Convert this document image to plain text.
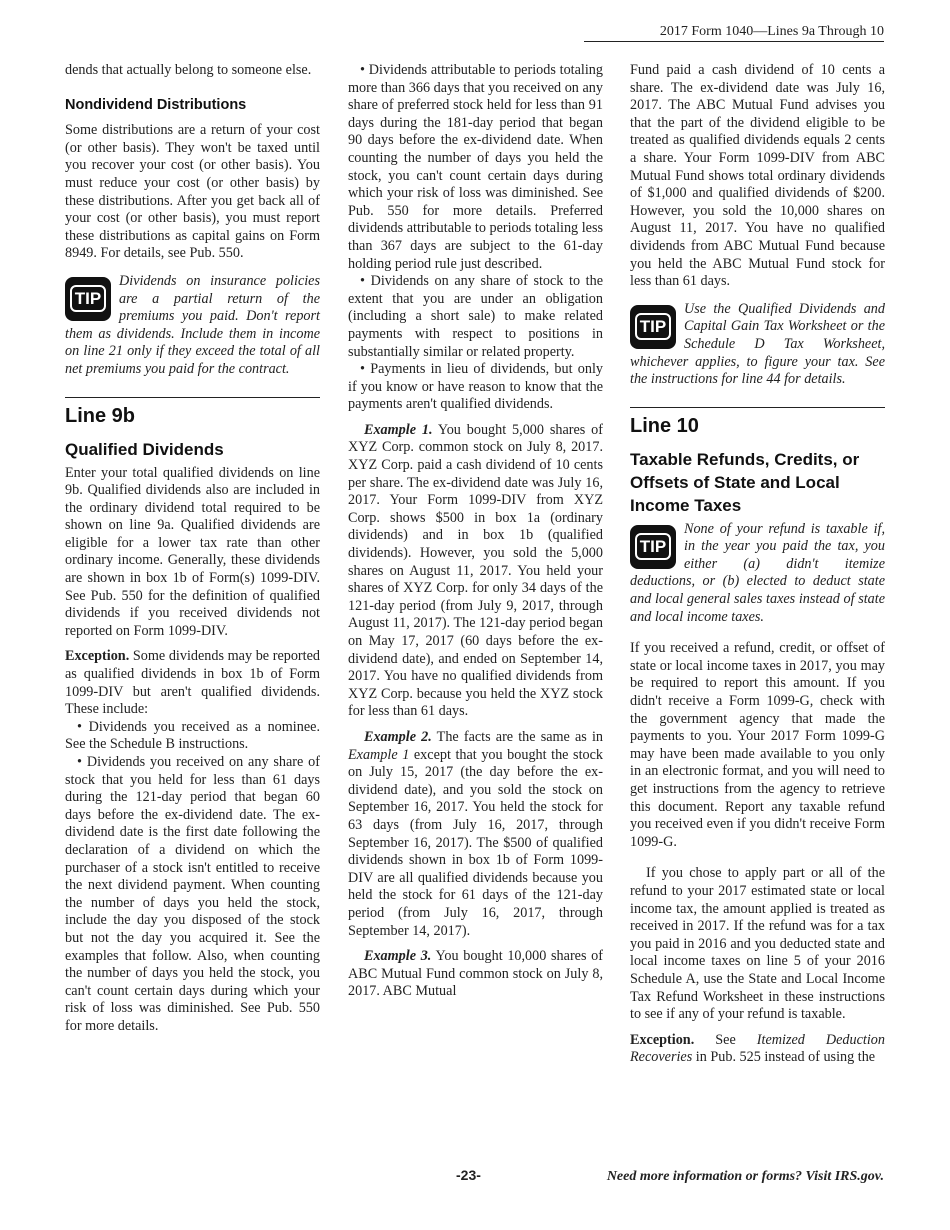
2017 Form 1040—Lines 9a Through 10

dends that actually belong to someone else.

Nondividend Distributions

Some distributions are a return of your cost (or other basis). They won't be taxed until you recover your cost (or other basis). You must reduce your cost (or other basis) by these distributions. After you get back all of your cost (or other basis), you must report these distributions as capital gains on Form 8949. For details, see Pub. 550.

TIP
Dividends on insurance policies are a partial return of the premiums you paid. Don't report them as dividends. Include them in income on line 21 only if they exceed the total of all net premiums you paid for the contract.
Line 9b
Qualified Dividends

Enter your total qualified dividends on line 9b. Qualified dividends also are included in the ordinary dividend total required to be shown on line 9a. Qualified dividends are eligible for a lower tax rate than other ordinary income. Generally, these dividends are shown in box 1b of Form(s) 1099-DIV. See Pub. 550 for the definition of qualified dividends if you received dividends not reported on Form 1099-DIV.

Exception. Some dividends may be reported as qualified dividends in box 1b of Form 1099-DIV but aren't qualified dividends. These include:

• Dividends you received as a nominee. See the Schedule B instructions.

• Dividends you received on any share of stock that you held for less than 61 days during the 121-day period that began 60 days before the ex-dividend date. The ex-dividend date is the first date following the declaration of a dividend on which the purchaser of a stock isn't entitled to receive the next dividend payment. When counting the number of days you held the stock, include the day you disposed of the stock but not the day you acquired it. See the examples that follow. Also, when counting the number of days you held the stock, you can't count certain days during which your risk of loss was diminished. See Pub. 550 for more details.

• Dividends attributable to periods totaling more than 366 days that you received on any share of preferred stock held for less than 91 days during the 181-day period that began 90 days before the ex-dividend date. When counting the number of days you held the stock, you can't count certain days during which your risk of loss was diminished. See Pub. 550 for more details. Preferred dividends attributable to periods totaling less than 367 days are subject to the 61-day holding period rule just described.

• Dividends on any share of stock to the extent that you are under an obligation (including a short sale) to make related payments with respect to positions in substantially similar or related property.

• Payments in lieu of dividends, but only if you know or have reason to know that the payments aren't qualified dividends.

Example 1. You bought 5,000 shares of XYZ Corp. common stock on July 8, 2017. XYZ Corp. paid a cash dividend of 10 cents per share. The ex-dividend date was July 16, 2017. Your Form 1099-DIV from XYZ Corp. shows $500 in box 1a (ordinary dividends) and in box 1b (qualified dividends). However, you sold the 5,000 shares on August 11, 2017. You held your shares of XYZ Corp. for only 34 days of the 121-day period (from July 9, 2017, through August 11, 2017). The 121-day period began on May 17, 2017 (60 days before the ex-dividend date), and ended on September 14, 2017. You have no qualified dividends from XYZ Corp. because you held the XYZ stock for less than 61 days.

Example 2. The facts are the same as in Example 1 except that you bought the stock on July 15, 2017 (the day before the ex-dividend date), and you sold the stock on September 16, 2017. You held the stock for 63 days (from July 16, 2017, through September 16, 2017). The $500 of qualified dividends shown in box 1b of Form 1099-DIV are all qualified dividends because you held the stock for 61 days of the 121-day period (from July 16, 2017, through September 14, 2017).

Example 3. You bought 10,000 shares of ABC Mutual Fund common stock on July 8, 2017. ABC Mutual

Fund paid a cash dividend of 10 cents a share. The ex-dividend date was July 16, 2017. The ABC Mutual Fund advises you that the part of the dividend eligible to be treated as qualified dividends equals 2 cents a share. Your Form 1099-DIV from ABC Mutual Fund shows total ordinary dividends of $1,000 and qualified dividends of $200. However, you sold the 10,000 shares on August 11, 2017. You have no qualified dividends from ABC Mutual Fund because you held the ABC Mutual Fund stock for less than 61 days.

TIP
Use the Qualified Dividends and Capital Gain Tax Worksheet or the Schedule D Tax Worksheet, whichever applies, to figure your tax. See the instructions for line 44 for details.
Line 10
Taxable Refunds, Credits, or Offsets of State and Local Income Taxes
TIP
None of your refund is taxable if, in the year you paid the tax, you either (a) didn't itemize deductions, or (b) elected to deduct state and local general sales taxes instead of state and local income taxes.

If you received a refund, credit, or offset of state or local income taxes in 2017, you may be required to report this amount. If you didn't receive a Form 1099-G, check with the government agency that made the payments to you. Your 2017 Form 1099-G may have been made available to you only in an electronic format, and you will need to get instructions from the agency to retrieve this document. Report any taxable refund you received even if you didn't receive Form 1099-G.

If you chose to apply part or all of the refund to your 2017 estimated state or local income tax, the amount applied is treated as received in 2017. If the refund was for a tax you paid in 2016 and you deducted state and local income taxes on line 5 of your 2016 Schedule A, use the State and Local Income Tax Refund Worksheet in these instructions to see if any of your refund is taxable.

Exception. See Itemized Deduction Recoveries in Pub. 525 instead of using the

-23-	Need more information or forms? Visit IRS.gov.
